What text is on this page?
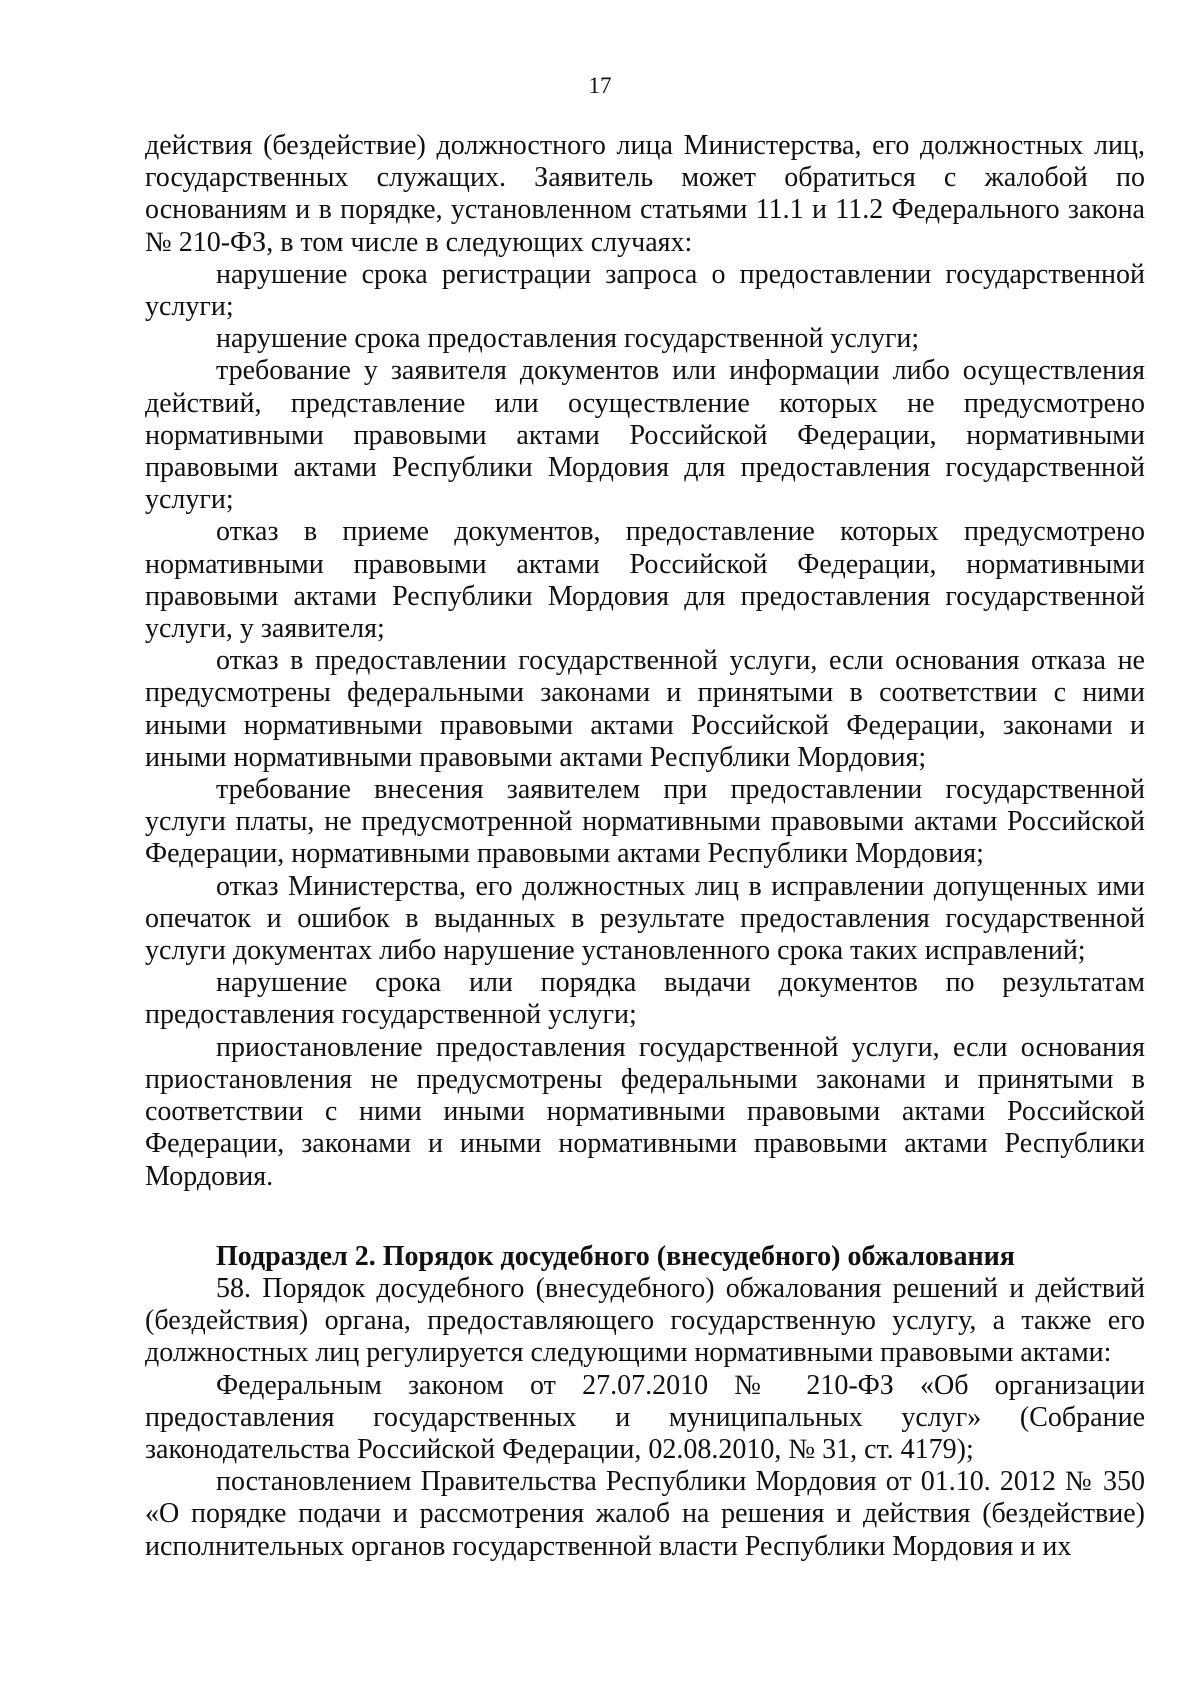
17

действия (бездействие) должностного лица Министерства, его должностных лиц, государственных служащих. Заявитель может обратиться с жалобой по основаниям и в порядке, установленном статьями 11.1 и 11.2 Федерального закона № 210-ФЗ, в том числе в следующих случаях:

нарушение срока регистрации запроса о предоставлении государственной услуги;

нарушение срока предоставления государственной услуги;

требование у заявителя документов или информации либо осуществления действий, представление или осуществление которых не предусмотрено нормативными правовыми актами Российской Федерации, нормативными правовыми актами Республики Мордовия для предоставления государственной услуги;

отказ в приеме документов, предоставление которых предусмотрено нормативными правовыми актами Российской Федерации, нормативными правовыми актами Республики Мордовия для предоставления государственной услуги, у заявителя;

отказ в предоставлении государственной услуги, если основания отказа не предусмотрены федеральными законами и принятыми в соответствии с ними иными нормативными правовыми актами Российской Федерации, законами и иными нормативными правовыми актами Республики Мордовия;

требование внесения заявителем при предоставлении государственной услуги платы, не предусмотренной нормативными правовыми актами Российской Федерации, нормативными правовыми актами Республики Мордовия;

отказ Министерства, его должностных лиц в исправлении допущенных ими опечаток и ошибок в выданных в результате предоставления государственной услуги документах либо нарушение установленного срока таких исправлений;

нарушение срока или порядка выдачи документов по результатам предоставления государственной услуги;

приостановление предоставления государственной услуги, если основания приостановления не предусмотрены федеральными законами и принятыми в соответствии с ними иными нормативными правовыми актами Российской Федерации, законами и иными нормативными правовыми актами Республики Мордовия.

Подраздел 2. Порядок досудебного (внесудебного) обжалования

58. Порядок досудебного (внесудебного) обжалования решений и действий (бездействия) органа, предоставляющего государственную услугу, а также его должностных лиц регулируется следующими нормативными правовыми актами:

Федеральным законом от 27.07.2010 № 210-ФЗ «Об организации предоставления государственных и муниципальных услуг» (Собрание законодательства Российской Федерации, 02.08.2010, № 31, ст. 4179);

постановлением Правительства Республики Мордовия от 01.10. 2012 № 350 «О порядке подачи и рассмотрения жалоб на решения и действия (бездействие) исполнительных органов государственной власти Республики Мордовия и их
